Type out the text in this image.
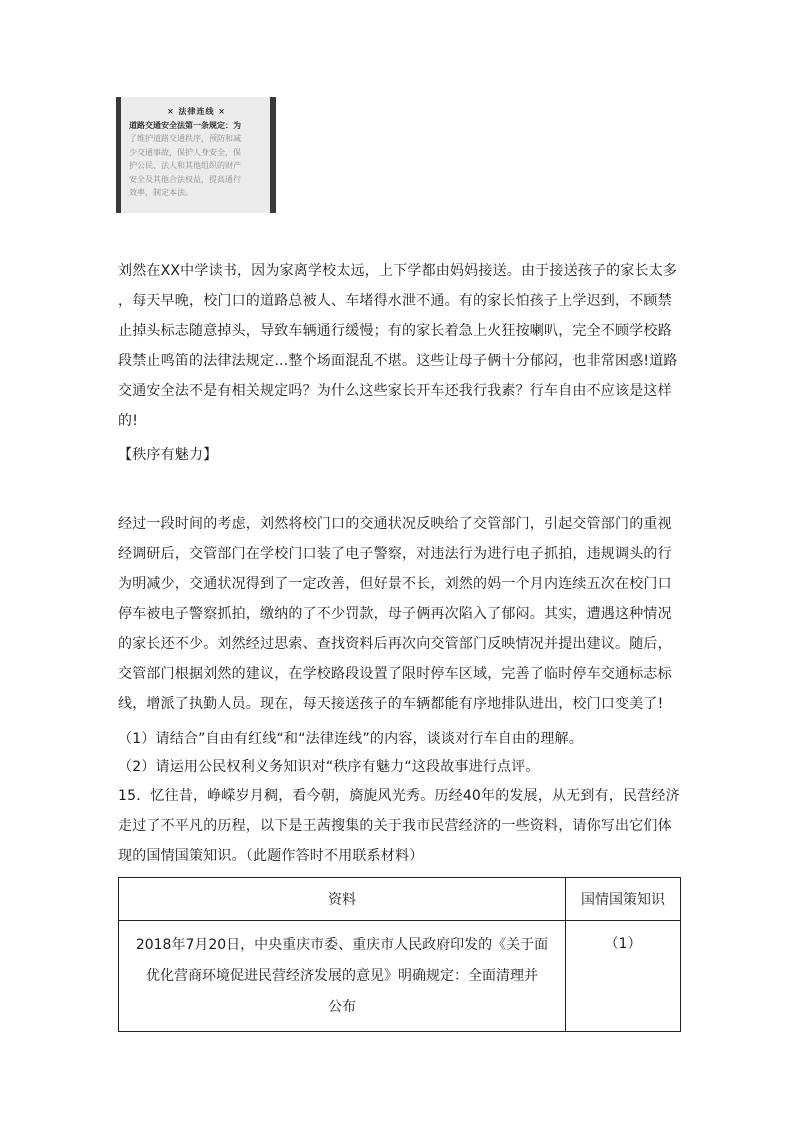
× 法律连线 ×
道路交通安全法第一条规定：为
了维护道路交通秩序，预防和减
少交通事故，保护人身安全，保
护公民、法人和其他组织的财产
安全及其他合法权益，提高通行
效率，制定本法。
刘然在XX中学读书，因为家离学校太远，上下学都由妈妈接送。由于接送孩子的家长太多
，每天早晚，校门口的道路总被人、车堵得水泄不通。有的家长怕孩子上学迟到，不顾禁
止掉头标志随意掉头，导致车辆通行缓慢；有的家长着急上火狂按喇叭，完全不顾学校路
段禁止鸣笛的法律法规定…整个场面混乱不堪。这些让母子俩十分郁闷，也非常困惑!道路
交通安全法不是有相关规定吗？为什么这些家长开车还我行我素？行车自由不应该是这样
的!
【秩序有魅力】
经过一段时间的考虑，刘然将校门口的交通状况反映给了交管部门，引起交管部门的重视
经调研后，交管部门在学校门口装了电子警察，对违法行为进行电子抓拍，违规调头的行
为明减少，交通状况得到了一定改善，但好景不长，刘然的妈一个月内连续五次在校门口
停车被电子警察抓拍，缴纳的了不少罚款，母子俩再次陷入了郁闷。其实，遭遇这种情况
的家长还不少。刘然经过思索、查找资料后再次向交管部门反映情况并提出建议。随后，
交管部门根据刘然的建议，在学校路段设置了限时停车区域，完善了临时停车交通标志标
线，增派了执勤人员。现在，每天接送孩子的车辆都能有序地排队进出，校门口变美了!
（1）请结合”自由有红线“和“法律连线”的内容，谈谈对行车自由的理解。
（2）请运用公民权利义务知识对“秩序有魅力“这段故事进行点评。
15．忆往昔，峥嵘岁月稠，看今朝，旖旎风光秀。历经40年的发展，从无到有，民营经济
走过了不平凡的历程，以下是王茜搜集的关于我市民营经济的一些资料，请你写出它们体
现的国情国策知识。（此题作答时不用联系材料）
资料	国情国策知识

2018年7月20日，中央重庆市委、重庆市人民政府印发的《关于面
优化营商环境促进民营经济发展的意见》明确规定：全面清理并
公布	（1）
